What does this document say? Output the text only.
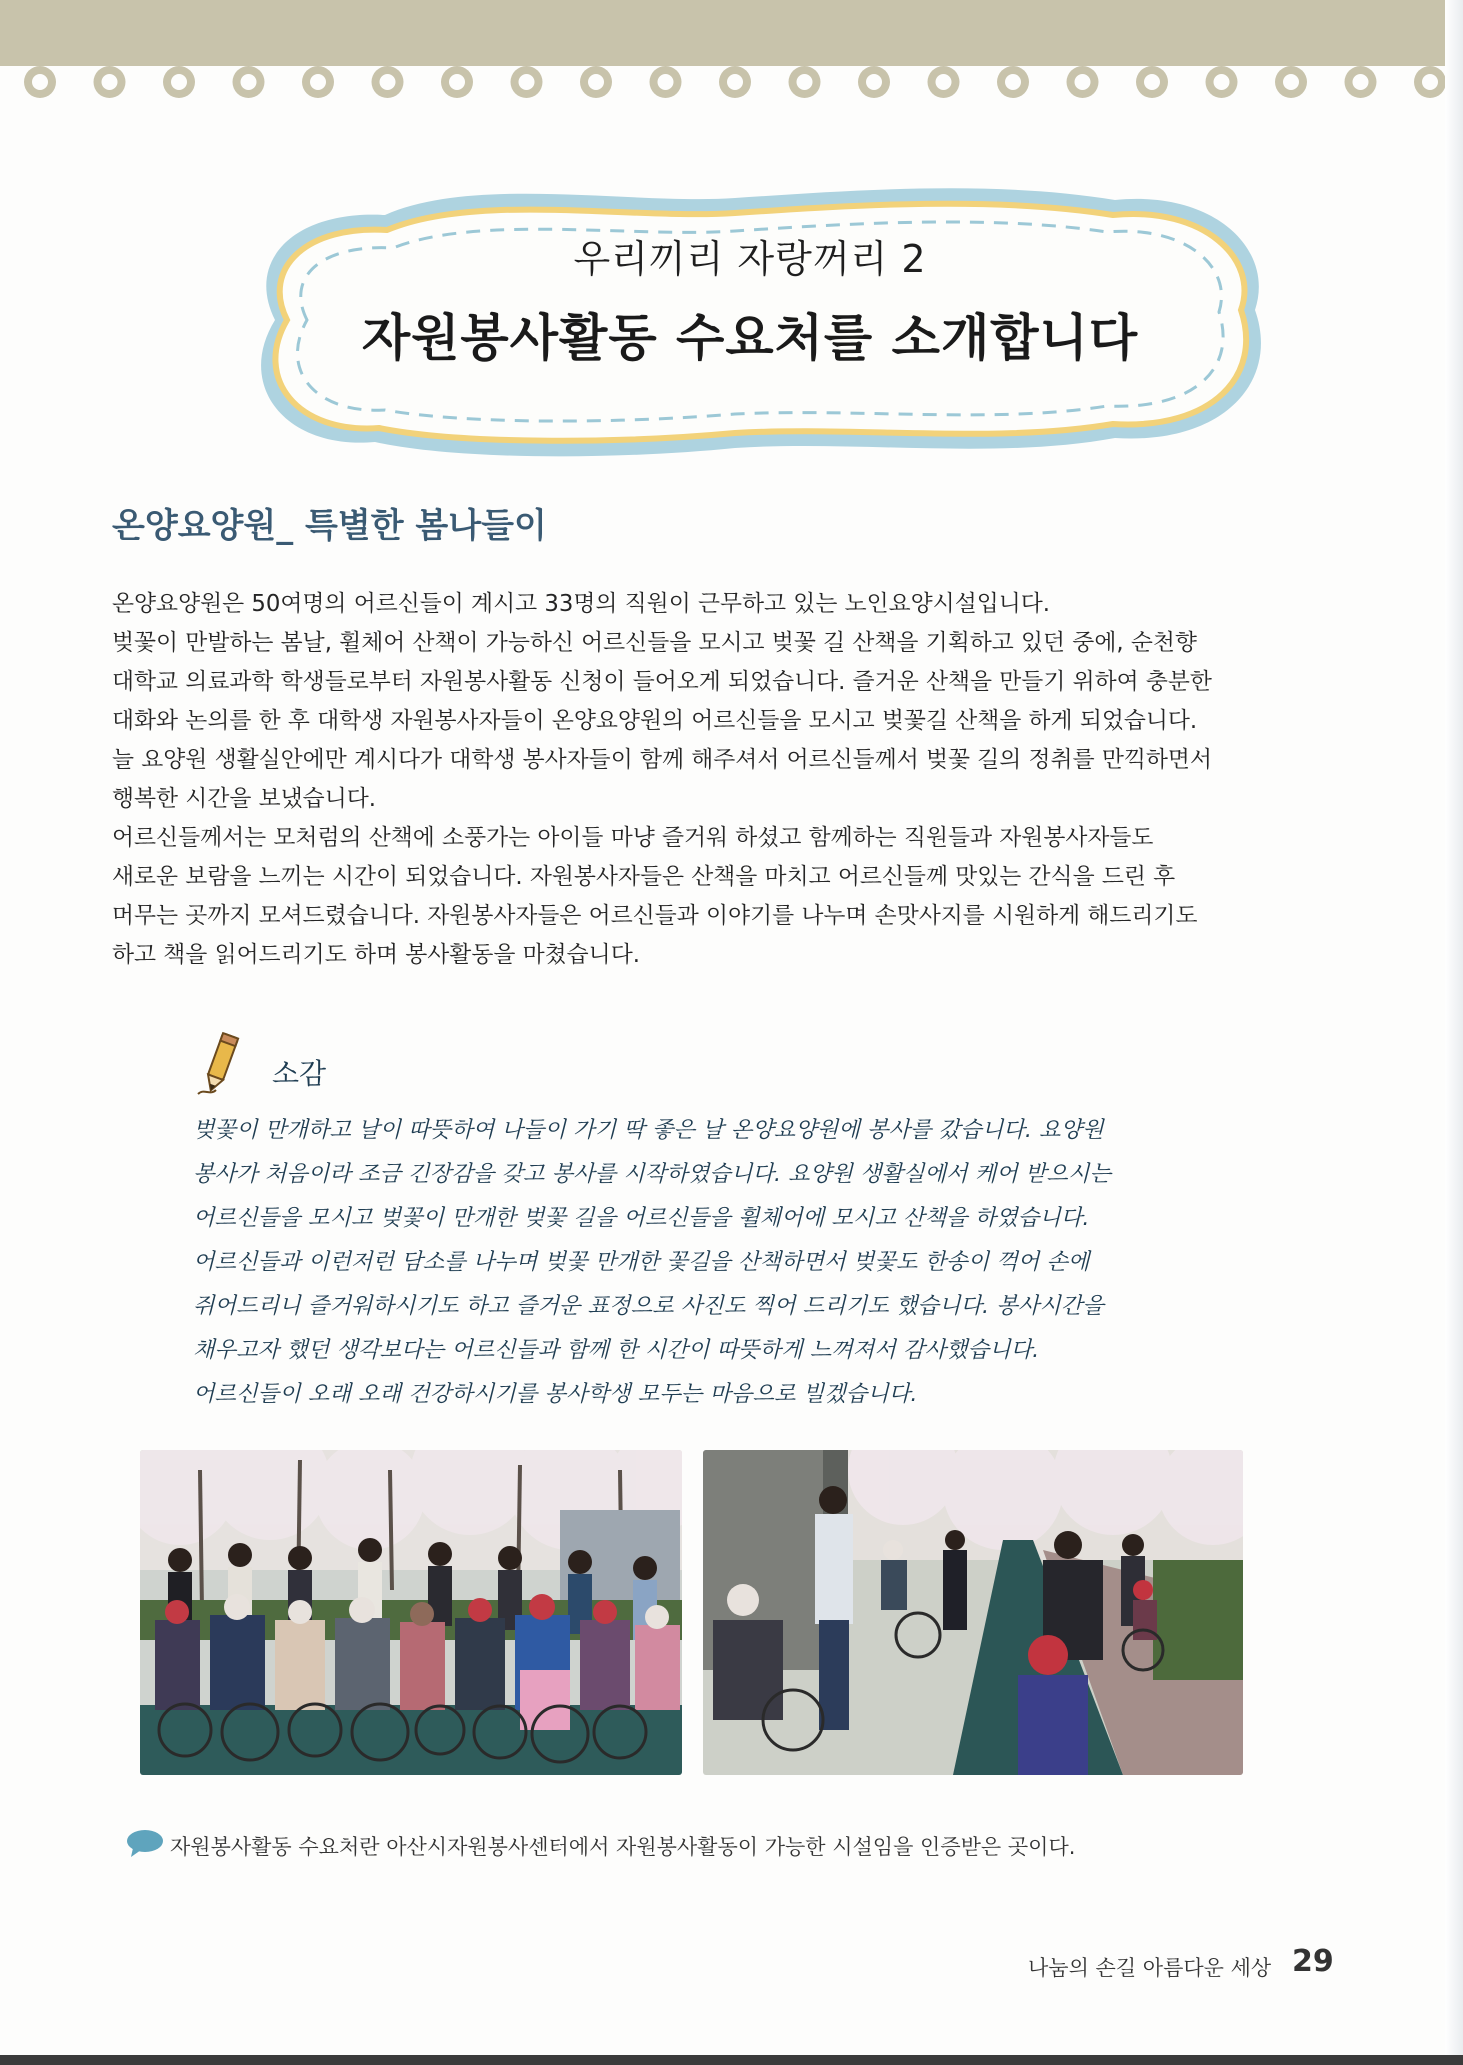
우리끼리 자랑꺼리 2
자원봉사활동 수요처를 소개합니다
온양요양원_ 특별한 봄나들이

온양요양원은 50여명의 어르신들이 계시고 33명의 직원이 근무하고 있는 노인요양시설입니다.

벚꽃이 만발하는 봄날, 휠체어 산책이 가능하신 어르신들을 모시고 벚꽃 길 산책을 기획하고 있던 중에, 순천향

대학교 의료과학 학생들로부터 자원봉사활동 신청이 들어오게 되었습니다. 즐거운 산책을 만들기 위하여 충분한

대화와 논의를 한 후 대학생 자원봉사자들이 온양요양원의 어르신들을 모시고 벚꽃길 산책을 하게 되었습니다.

늘 요양원 생활실안에만 계시다가 대학생 봉사자들이 함께 해주셔서 어르신들께서 벚꽃 길의 정취를 만끽하면서

행복한 시간을 보냈습니다.

어르신들께서는 모처럼의 산책에 소풍가는 아이들 마냥 즐거워 하셨고 함께하는 직원들과 자원봉사자들도

새로운 보람을 느끼는 시간이 되었습니다. 자원봉사자들은 산책을 마치고 어르신들께 맛있는 간식을 드린 후

머무는 곳까지 모셔드렸습니다. 자원봉사자들은 어르신들과 이야기를 나누며 손맛사지를 시원하게 해드리기도

하고 책을 읽어드리기도 하며 봉사활동을 마쳤습니다.

소감

벚꽃이 만개하고 날이 따뜻하여 나들이 가기 딱 좋은 날 온양요양원에 봉사를 갔습니다. 요양원

봉사가 처음이라 조금 긴장감을 갖고 봉사를 시작하였습니다. 요양원 생활실에서 케어 받으시는

어르신들을 모시고 벚꽃이 만개한 벚꽃 길을 어르신들을 휠체어에 모시고 산책을 하였습니다.

어르신들과 이런저런 담소를 나누며 벚꽃 만개한 꽃길을 산책하면서 벚꽃도 한송이 꺽어 손에

쥐어드리니 즐거워하시기도 하고 즐거운 표정으로 사진도 찍어 드리기도 했습니다. 봉사시간을

채우고자 했던 생각보다는 어르신들과 함께 한 시간이 따뜻하게 느껴져서 감사했습니다.

어르신들이 오래 오래 건강하시기를 봉사학생 모두는 마음으로 빌겠습니다.

자원봉사활동 수요처란 아산시자원봉사센터에서 자원봉사활동이 가능한 시설임을 인증받은 곳이다.
나눔의 손길 아름다운 세상 29
